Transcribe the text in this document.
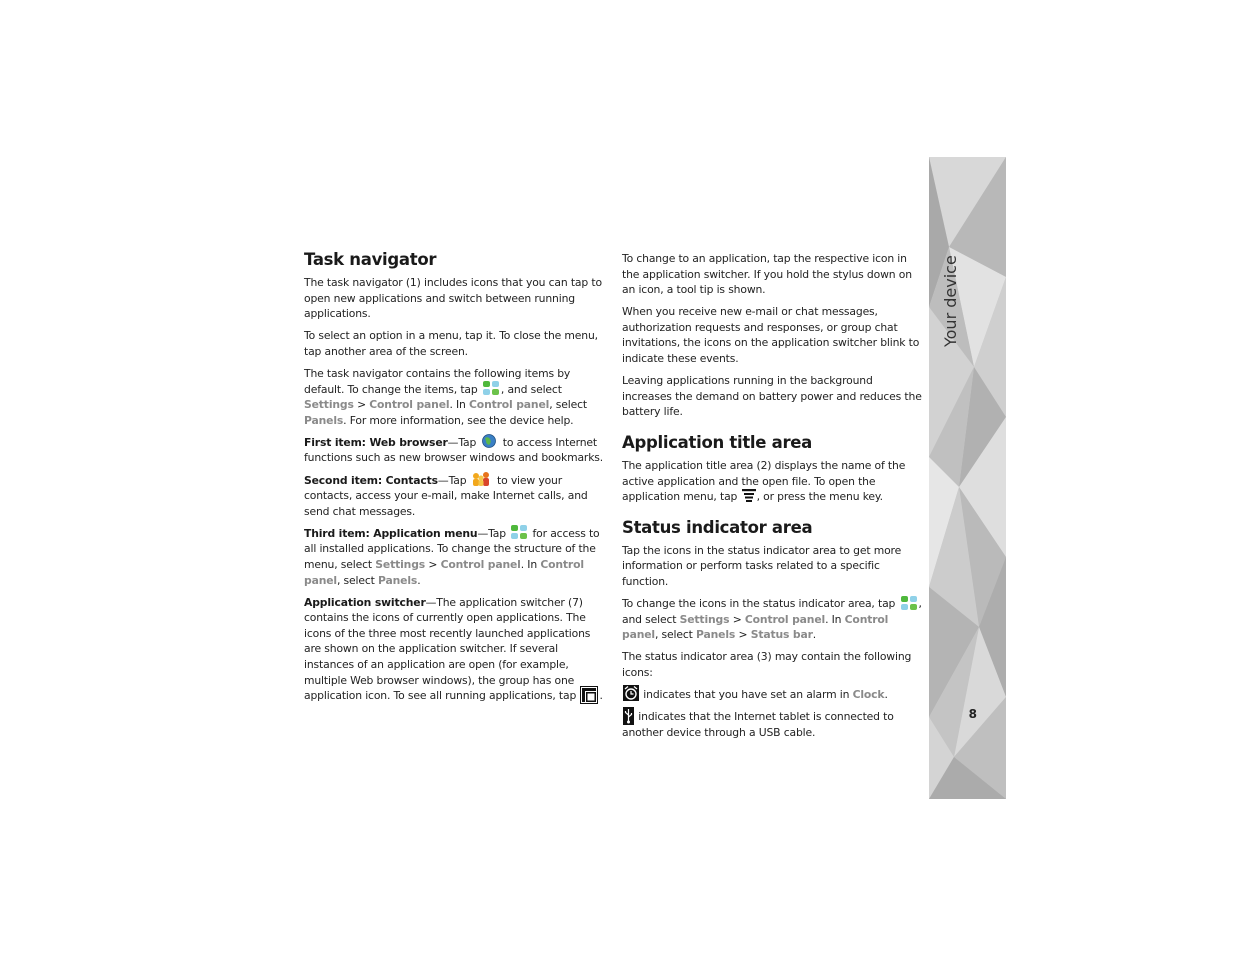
Task navigator

The task navigator (1) includes icons that you can tap to open new applications and switch between running applications.

To select an option in a menu, tap it. To close the menu, tap another area of the screen.

The task navigator contains the following items by default. To change the items, tap , and select Settings > Control panel. In Control panel, select Panels. For more information, see the device help.

First item: Web browser—Tap to access Internet functions such as new browser windows and bookmarks.

Second item: Contacts—Tap	to view your contacts, access your e-mail, make Internet calls, and send chat messages.

Third item: Application menu—Tap for access to all installed applications. To change the structure of the menu, select Settings > Control panel. In Control panel, select Panels.

Application switcher—The application switcher (7) contains the icons of currently open applications. The icons of the three most recently launched applications are shown on the application switcher. If several instances of an application are open (for example, multiple Web browser windows), the group has one application icon. To see all running applications, tap .

To change to an application, tap the respective icon in the application switcher. If you hold the stylus down on an icon, a tool tip is shown.

When you receive new e-mail or chat messages, authorization requests and responses, or group chat invitations, the icons on the application switcher blink to indicate these events.

Leaving applications running in the background increases the demand on battery power and reduces the battery life.

Application title area

The application title area (2) displays the name of the active application and the open file. To open the application menu, tap , or press the menu key.

Status indicator area

Tap the icons in the status indicator area to get more information or perform tasks related to a specific function.

To change the icons in the status indicator area, tap , and select Settings > Control panel. In Control panel, select Panels > Status bar.

The status indicator area (3) may contain the following icons:

indicates that you have set an alarm in Clock.

indicates that the Internet tablet is connected to another device through a USB cable.

Your device
8
